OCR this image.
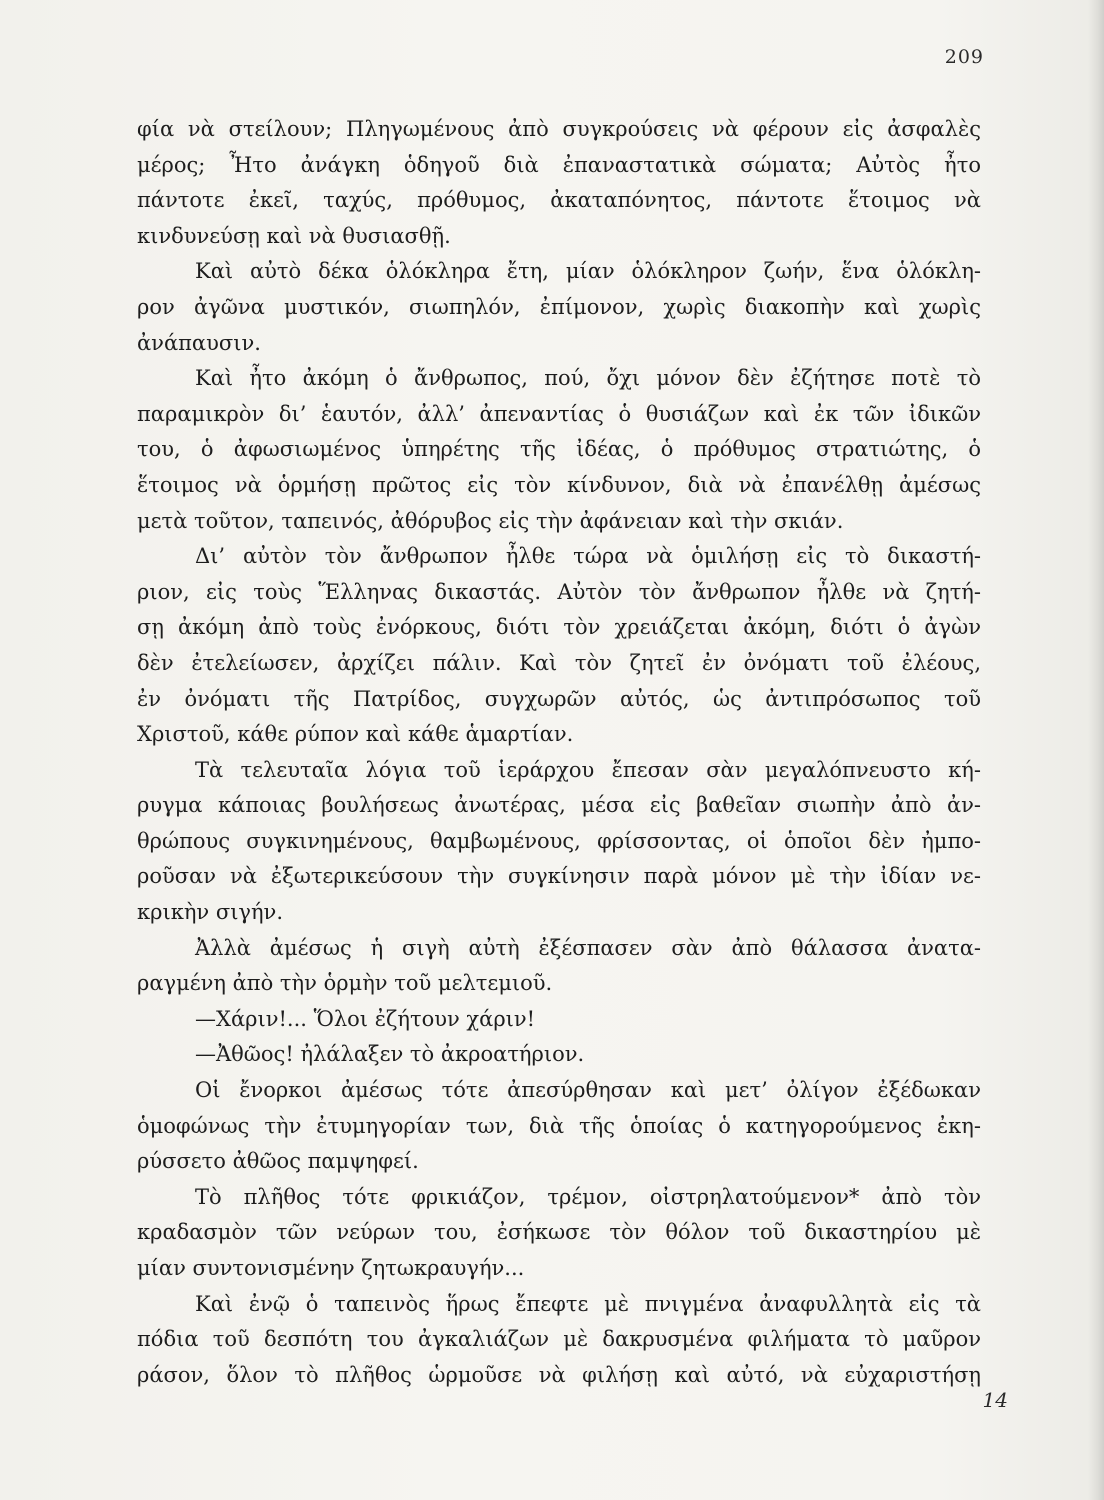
209
φία νὰ στείλουν; Πληγωμένους ἀπὸ συγκρούσεις νὰ φέρουν εἰς ἀσφαλὲς
μέρος; Ἦτο ἀνάγκη ὁδηγοῦ διὰ ἐπαναστατικὰ σώματα; Αὐτὸς ἦτο
πάντοτε ἐκεῖ, ταχύς, πρόθυμος, ἀκαταπόνητος, πάντοτε ἕτοιμος νὰ
κινδυνεύσῃ καὶ νὰ θυσιασθῇ.
Καὶ αὐτὸ δέκα ὁλόκληρα ἔτη, μίαν ὁλόκληρον ζωήν, ἕνα ὁλόκλη-
ρον ἀγῶνα μυστικόν, σιωπηλόν, ἐπίμονον, χωρὶς διακοπὴν καὶ χωρὶς
ἀνάπαυσιν.
Καὶ ἦτο ἀκόμη ὁ ἄνθρωπος, πού, ὄχι μόνον δὲν ἐζήτησε ποτὲ τὸ
παραμικρὸν δι’ ἑαυτόν, ἀλλ’ ἀπεναντίας ὁ θυσιάζων καὶ ἐκ τῶν ἰδικῶν
του, ὁ ἀφωσιωμένος ὑπηρέτης τῆς ἰδέας, ὁ πρόθυμος στρατιώτης, ὁ
ἕτοιμος νὰ ὁρμήσῃ πρῶτος εἰς τὸν κίνδυνον, διὰ νὰ ἐπανέλθῃ ἀμέσως
μετὰ τοῦτον, ταπεινός, ἀθόρυβος εἰς τὴν ἀφάνειαν καὶ τὴν σκιάν.
Δι’ αὐτὸν τὸν ἄνθρωπον ἦλθε τώρα νὰ ὁμιλήσῃ εἰς τὸ δικαστή-
ριον, εἰς τοὺς Ἕλληνας δικαστάς. Αὐτὸν τὸν ἄνθρωπον ἦλθε νὰ ζητή-
σῃ ἀκόμη ἀπὸ τοὺς ἐνόρκους, διότι τὸν χρειάζεται ἀκόμη, διότι ὁ ἀγὼν
δὲν ἐτελείωσεν, ἀρχίζει πάλιν. Καὶ τὸν ζητεῖ ἐν ὀνόματι τοῦ ἐλέους,
ἐν ὀνόματι τῆς Πατρίδος, συγχωρῶν αὐτός, ὡς ἀντιπρόσωπος τοῦ
Χριστοῦ, κάθε ρύπον καὶ κάθε ἁμαρτίαν.
Τὰ τελευταῖα λόγια τοῦ ἱεράρχου ἔπεσαν σὰν μεγαλόπνευστο κή-
ρυγμα κάποιας βουλήσεως ἀνωτέρας, μέσα εἰς βαθεῖαν σιωπὴν ἀπὸ ἀν-
θρώπους συγκινημένους, θαμβωμένους, φρίσσοντας, οἱ ὁποῖοι δὲν ἠμπο-
ροῦσαν νὰ ἐξωτερικεύσουν τὴν συγκίνησιν παρὰ μόνον μὲ τὴν ἰδίαν νε-
κρικὴν σιγήν.
Ἀλλὰ ἀμέσως ἡ σιγὴ αὐτὴ ἐξέσπασεν σὰν ἀπὸ θάλασσα ἀνατα-
ραγμένη ἀπὸ τὴν ὁρμὴν τοῦ μελτεμιοῦ.
—Χάριν!... Ὅλοι ἐζήτουν χάριν!
—Ἀθῶος! ἠλάλαξεν τὸ ἀκροατήριον.
Οἱ ἔνορκοι ἀμέσως τότε ἀπεσύρθησαν καὶ μετ’ ὀλίγον ἐξέδωκαν
ὁμοφώνως τὴν ἐτυμηγορίαν των, διὰ τῆς ὁποίας ὁ κατηγορούμενος ἐκη-
ρύσσετο ἀθῶος παμψηφεί.
Τὸ πλῆθος τότε φρικιάζον, τρέμον, οἰστρηλατούμενον* ἀπὸ τὸν
κραδασμὸν τῶν νεύρων του, ἐσήκωσε τὸν θόλον τοῦ δικαστηρίου μὲ
μίαν συντονισμένην ζητωκραυγήν...
Καὶ ἐνῷ ὁ ταπεινὸς ἥρως ἔπεφτε μὲ πνιγμένα ἀναφυλλητὰ εἰς τὰ
πόδια τοῦ δεσπότη του ἀγκαλιάζων μὲ δακρυσμένα φιλήματα τὸ μαῦρον
ράσον, ὅλον τὸ πλῆθος ὡρμοῦσε νὰ φιλήσῃ καὶ αὐτό, νὰ εὐχαριστήσῃ
14
